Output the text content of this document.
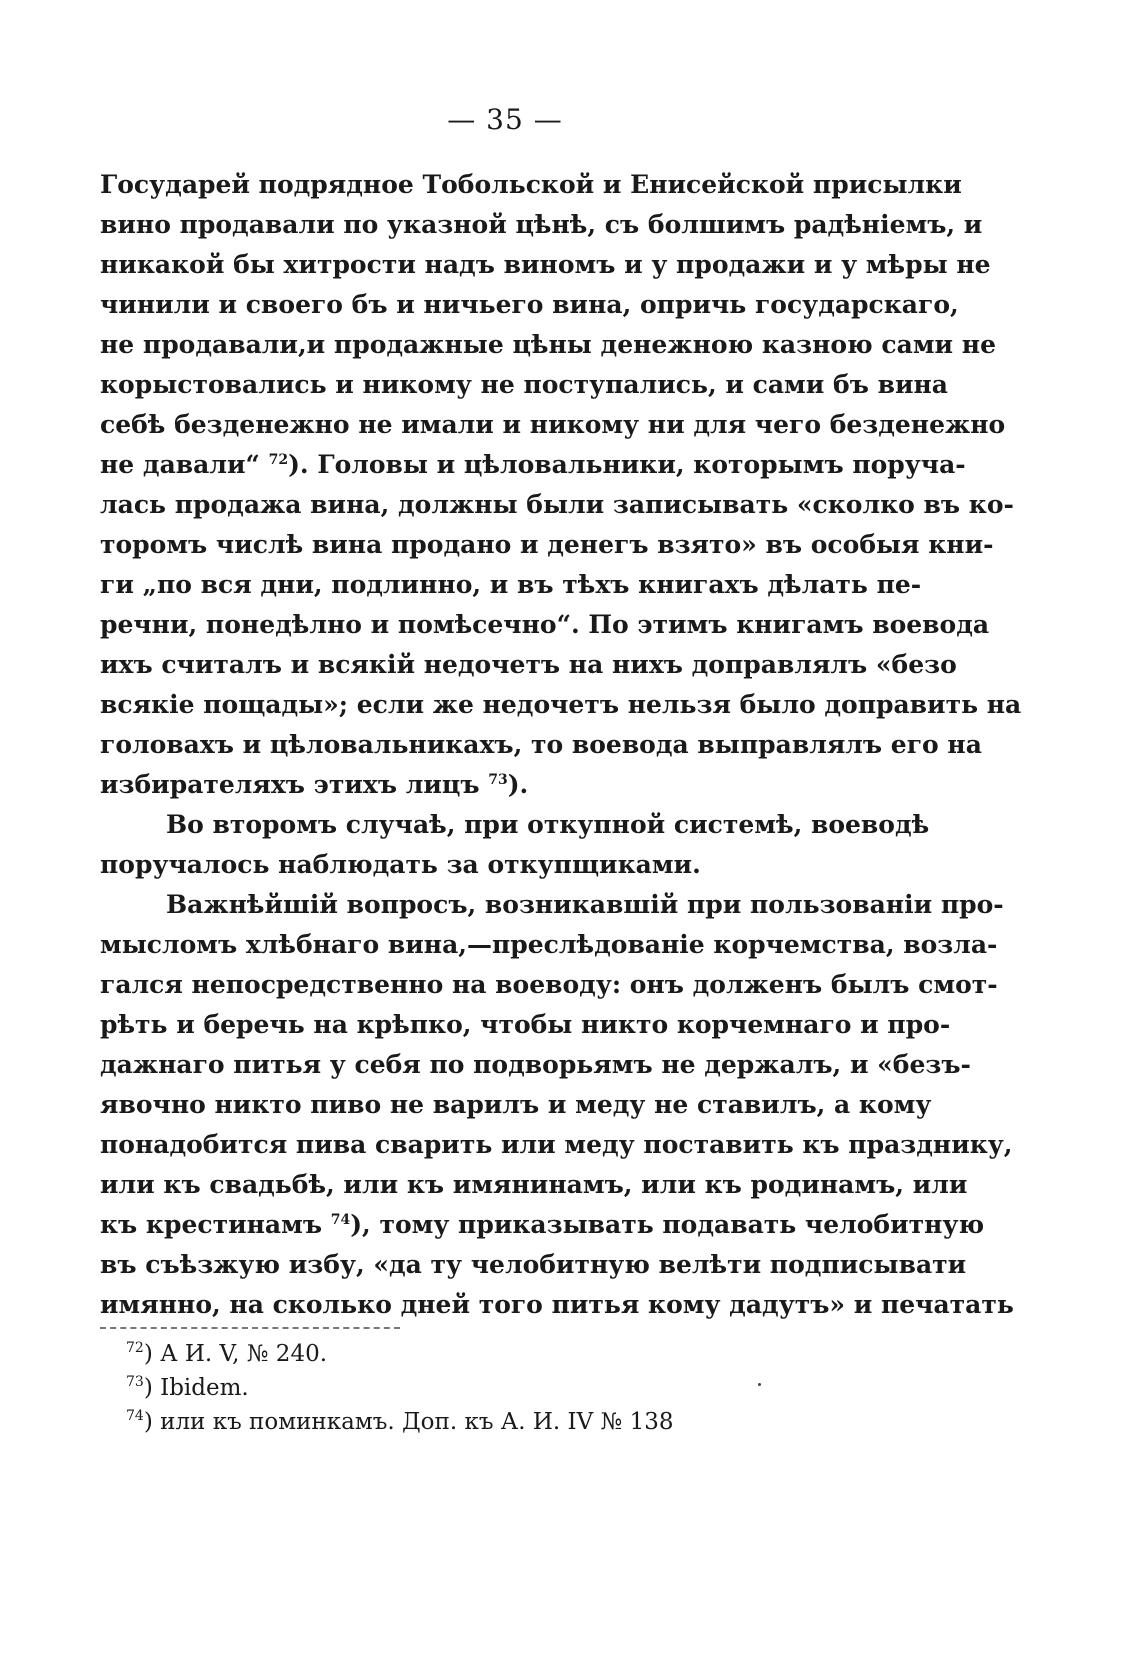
— 35 —
Государей подрядное Тобольской и Енисейской присылки
вино продавали по указной цѣнѣ, съ болшимъ радѣніемъ, и
никакой бы хитрости надъ виномъ и у продажи и у мѣры не
чинили и своего бъ и ничьего вина, опричь государскаго,
не продавали,и продажные цѣны денежною казною сами не
корыстовались и никому не поступались, и сами бъ вина
себѣ безденежно не имали и никому ни для чего безденежно
не давали“ $^{72}$). Головы и цѣловальники, которымъ поруча-
лась продажа вина, должны были записывать «сколко въ ко-
торомъ числѣ вина продано и денегъ взято» въ особыя кни-
ги „по вся дни, подлинно, и въ тѣхъ книгахъ дѣлать пе-
речни, понедѣлно и помѣсечно“. По этимъ книгамъ воевода
ихъ считалъ и всякій недочетъ на нихъ доправлялъ «безо
всякіе пощады»; если же недочетъ нельзя было доправить на
головахъ и цѣловальникахъ, то воевода выправлялъ его на
избирателяхъ этихъ лицъ $^{73}$).
Во второмъ случаѣ, при откупной системѣ, воеводѣ
поручалось наблюдать за откупщиками.
Важнѣйшій вопросъ, возникавшій при пользованіи про-
мысломъ хлѣбнаго вина,—преслѣдованіе корчемства, возла-
гался непосредственно на воеводу: онъ долженъ былъ смот-
рѣть и беречь на крѣпко, чтобы никто корчемнаго и про-
дажнаго питья у себя по подворьямъ не держалъ, и «безъ-
явочно никто пиво не варилъ и меду не ставилъ, а кому
понадобится пива сварить или меду поставить къ празднику,
или къ свадьбѣ, или къ имянинамъ, или къ родинамъ, или
къ крестинамъ $^{74}$), тому приказывать подавать челобитную
въ съѣзжую избу, «да ту челобитную велѣти подписывати
имянно, на сколько дней того питья кому дадутъ» и печатать
$^{72}$) А И. V, № 240.
$^{73}$) Ibidem.
$^{74}$) или къ поминкамъ. Доп. къ А. И. IV № 138
